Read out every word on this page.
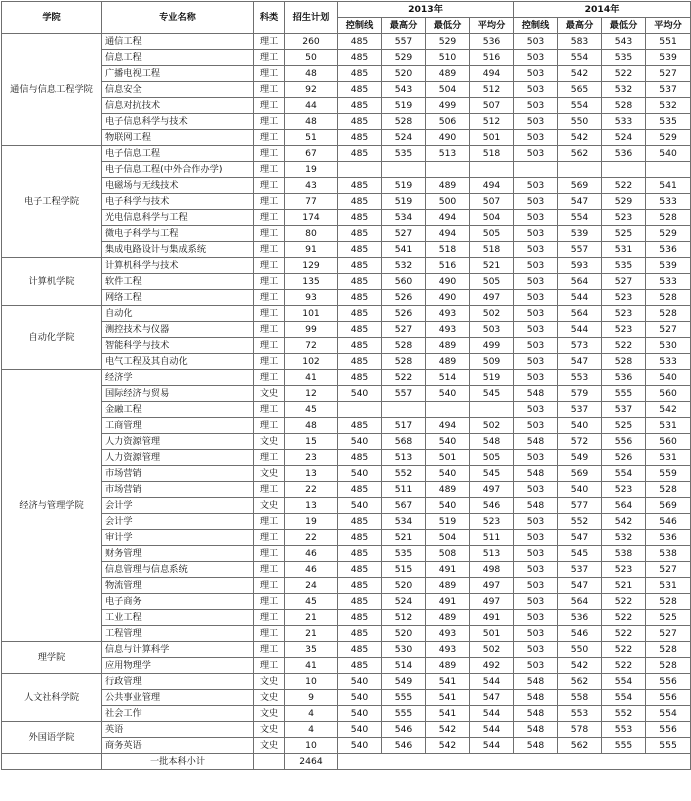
学院	专业名称	科类	招生计划	2013年				2014年			
				控制线	最高分	最低分	平均分	控制线	最高分	最低分	平均分
通信与信息工程学院	通信工程	理工	260	485	557	529	536	503	583	543	551
	信息工程	理工	50	485	529	510	516	503	554	535	539
	广播电视工程	理工	48	485	520	489	494	503	542	522	527
	信息安全	理工	92	485	543	504	512	503	565	532	537
	信息对抗技术	理工	44	485	519	499	507	503	554	528	532
	电子信息科学与技术	理工	48	485	528	506	512	503	550	533	535
	物联网工程	理工	51	485	524	490	501	503	542	524	529
电子工程学院	电子信息工程	理工	67	485	535	513	518	503	562	536	540
	电子信息工程(中外合作办学)	理工	19								
	电磁场与无线技术	理工	43	485	519	489	494	503	569	522	541
	电子科学与技术	理工	77	485	519	500	507	503	547	529	533
	光电信息科学与工程	理工	174	485	534	494	504	503	554	523	528
	微电子科学与工程	理工	80	485	527	494	505	503	539	525	529
	集成电路设计与集成系统	理工	91	485	541	518	518	503	557	531	536
计算机学院	计算机科学与技术	理工	129	485	532	516	521	503	593	535	539
	软件工程	理工	135	485	560	490	505	503	564	527	533
	网络工程	理工	93	485	526	490	497	503	544	523	528
自动化学院	自动化	理工	101	485	526	493	502	503	564	523	528
	测控技术与仪器	理工	99	485	527	493	503	503	544	523	527
	智能科学与技术	理工	72	485	528	489	499	503	573	522	530
	电气工程及其自动化	理工	102	485	528	489	509	503	547	528	533
经济与管理学院	经济学	理工	41	485	522	514	519	503	553	536	540
	国际经济与贸易	文史	12	540	557	540	545	548	579	555	560
	金融工程	理工	45					503	537	537	542
	工商管理	理工	48	485	517	494	502	503	540	525	531
	人力资源管理	文史	15	540	568	540	548	548	572	556	560
	人力资源管理	理工	23	485	513	501	505	503	549	526	531
	市场营销	文史	13	540	552	540	545	548	569	554	559
	市场营销	理工	22	485	511	489	497	503	540	523	528
	会计学	文史	13	540	567	540	546	548	577	564	569
	会计学	理工	19	485	534	519	523	503	552	542	546
	审计学	理工	22	485	521	504	511	503	547	532	536
	财务管理	理工	46	485	535	508	513	503	545	538	538
	信息管理与信息系统	理工	46	485	515	491	498	503	537	523	527
	物流管理	理工	24	485	520	489	497	503	547	521	531
	电子商务	理工	45	485	524	491	497	503	564	522	528
	工业工程	理工	21	485	512	489	491	503	536	522	525
	工程管理	理工	21	485	520	493	501	503	546	522	527
理学院	信息与计算科学	理工	35	485	530	493	502	503	550	522	528
	应用物理学	理工	41	485	514	489	492	503	542	522	528
人文社科学院	行政管理	文史	10	540	549	541	544	548	562	554	556
	公共事业管理	文史	9	540	555	541	547	548	558	554	556
	社会工作	文史	4	540	555	541	544	548	553	552	554
外国语学院	英语	文史	4	540	546	542	544	548	578	553	556
	商务英语	文史	10	540	546	542	544	548	562	555	555
	一批本科小计		2464								
